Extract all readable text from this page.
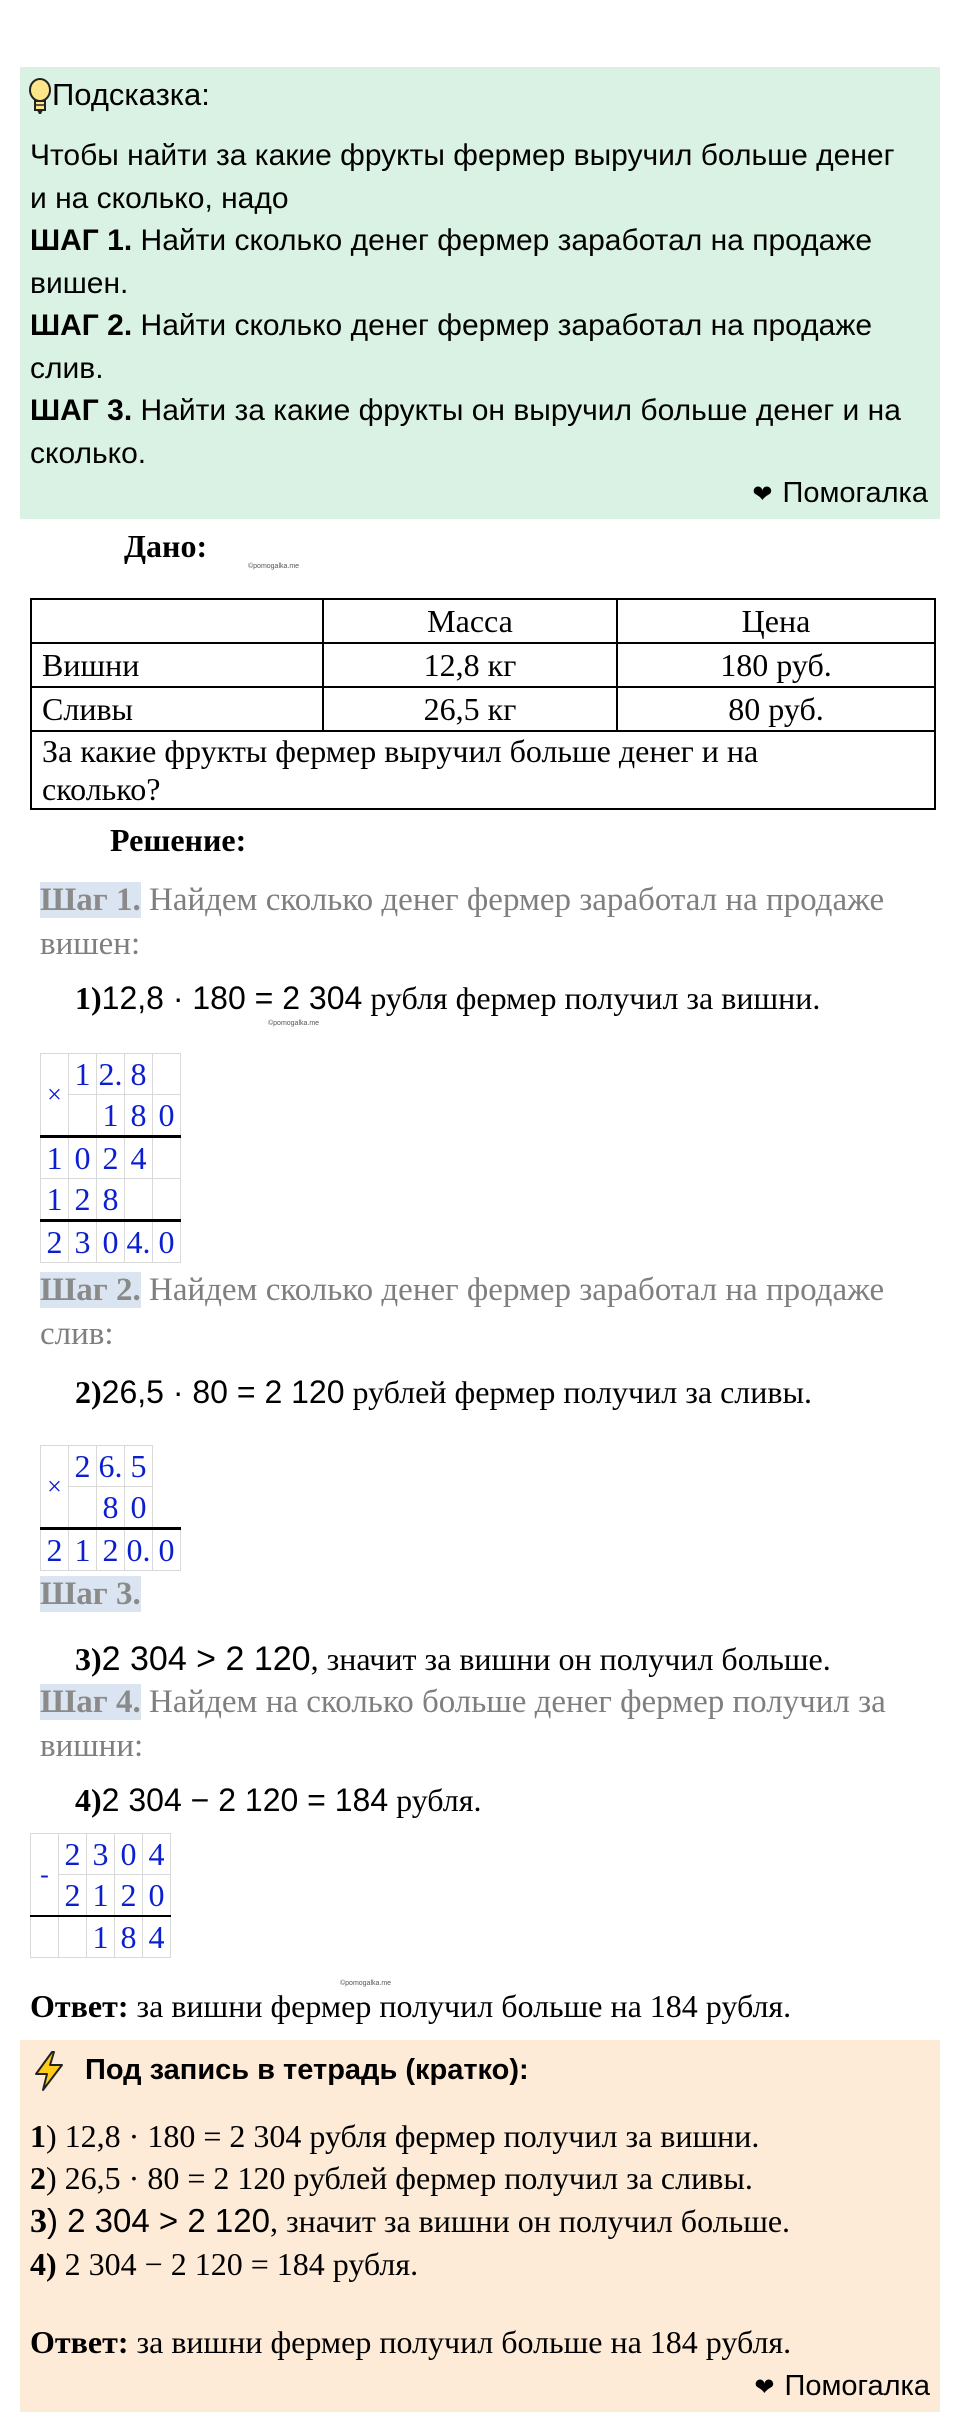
Подсказка:
Чтобы найти за какие фрукты фермер выручил больше денег
и на сколько, надо
ШАГ 1. Найти сколько денег фермер заработал на продаже
вишен.
ШАГ 2. Найти сколько денег фермер заработал на продаже
слив.
ШАГ 3. Найти за какие фрукты он выручил больше денег и на
сколько.
❤ Помогалка
Дано:
©pomogalka.me
	Масса	Цена
Вишни	12,8 кг	180 руб.
Сливы	26,5 кг	80 руб.

За какие фрукты фермер выручил больше денег и на
сколько?		
Решение:
Шаг 1. Найдем сколько денег фермер заработал на продаже
вишен:
1)12,8 · 180 = 2 304 рубля фермер получил за вишни.
©pomogalka.me
×	1	2.	8	
		1	8	0
1	0	2	4	
1	2	8		
2	3	0	4.	0
Шаг 2. Найдем сколько денег фермер заработал на продаже
слив:
2)26,5 · 80 = 2 120 рублей фермер получил за сливы.
×	2	6.	5	
		8	0	
2	1	2	0.	0
Шаг 3.
3)2 304 > 2 120, значит за вишни он получил больше.
Шаг 4. Найдем на сколько больше денег фермер получил за
вишни:
4)2 304 − 2 120 = 184 рубля.
-	2	3	0	4
	2	1	2	0
		1	8	4
©pomogalka.me
Ответ: за вишни фермер получил больше на 184 рубля.
Под запись в тетрадь (кратко):
1) 12,8 · 180 = 2 304 рубля фермер получил за вишни.
2) 26,5 · 80 = 2 120 рублей фермер получил за сливы.
3) 2 304 > 2 120, значит за вишни он получил больше.
4) 2 304 − 2 120 = 184 рубля.
Ответ: за вишни фермер получил больше на 184 рубля.
❤ Помогалка
